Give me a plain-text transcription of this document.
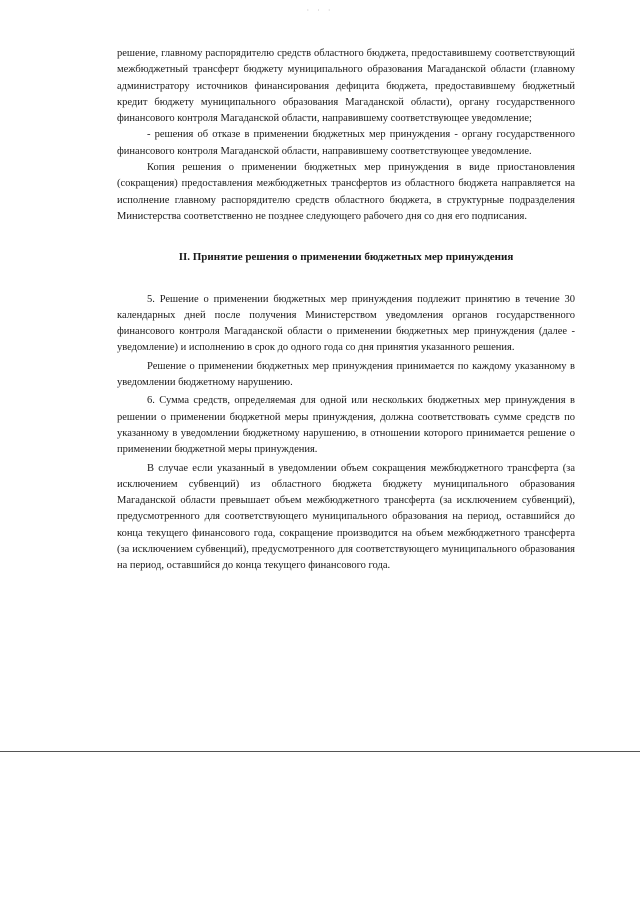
· · ·

решение, главному распорядителю средств областного бюджета, предоставившему соответствующий межбюджетный трансферт бюджету муниципального образования Магаданской области (главному администратору источников финансирования дефицита бюджета, предоставившему бюджетный кредит бюджету муниципального образования Магаданской области), органу государственного финансового контроля Магаданской области, направившему соответствующее уведомление;

- решения об отказе в применении бюджетных мер принуждения - органу государственного финансового контроля Магаданской области, направившему соответствующее уведомление.

Копия решения о применении бюджетных мер принуждения в виде приостановления (сокращения) предоставления межбюджетных трансфертов из областного бюджета направляется на исполнение главному распорядителю средств областного бюджета, в структурные подразделения Министерства соответственно не позднее следующего рабочего дня со дня его подписания.

II. Принятие решения о применении бюджетных мер принуждения

5. Решение о применении бюджетных мер принуждения подлежит принятию в течение 30 календарных дней после получения Министерством уведомления органов государственного финансового контроля Магаданской области о применении бюджетных мер принуждения (далее - уведомление) и исполнению в срок до одного года со дня принятия указанного решения.

Решение о применении бюджетных мер принуждения принимается по каждому указанному в уведомлении бюджетному нарушению.

6. Сумма средств, определяемая для одной или нескольких бюджетных мер принуждения в решении о применении бюджетной меры принуждения, должна соответствовать сумме средств по указанному в уведомлении бюджетному нарушению, в отношении которого принимается решение о применении бюджетной меры принуждения.

В случае если указанный в уведомлении объем сокращения межбюджетного трансферта (за исключением субвенций) из областного бюджета бюджету муниципального образования Магаданской области превышает объем межбюджетного трансферта (за исключением субвенций), предусмотренного для соответствующего муниципального образования на период, оставшийся до конца текущего финансового года, сокращение производится на объем межбюджетного трансферта (за исключением субвенций), предусмотренного для соответствующего муниципального образования на период, оставшийся до конца текущего финансового года.
